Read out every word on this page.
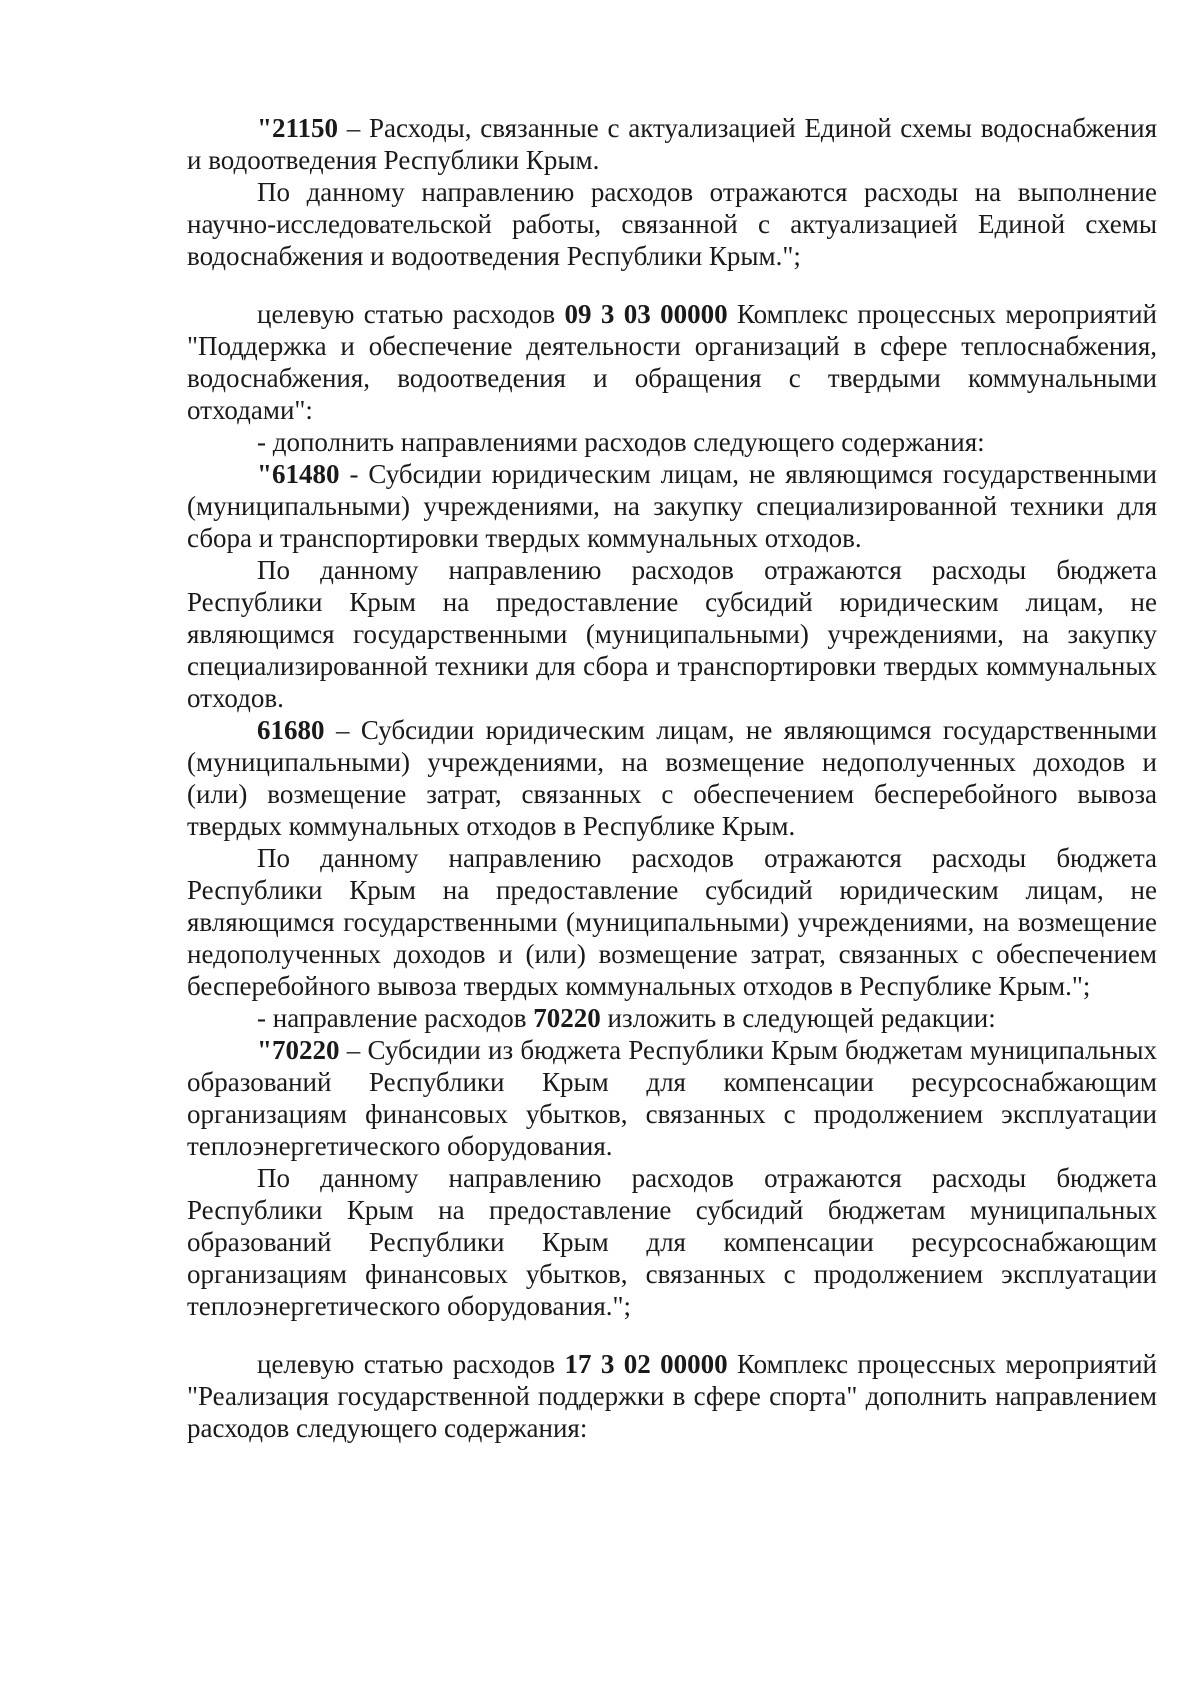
"21150 – Расходы, связанные с актуализацией Единой схемы водоснабжения и водоотведения Республики Крым.

По данному направлению расходов отражаются расходы на выполнение научно-исследовательской работы, связанной с актуализацией Единой схемы водоснабжения и водоотведения Республики Крым.";

целевую статью расходов 09 3 03 00000 Комплекс процессных мероприятий "Поддержка и обеспечение деятельности организаций в сфере теплоснабжения, водоснабжения, водоотведения и обращения с твердыми коммунальными отходами":

- дополнить направлениями расходов следующего содержания:

"61480 - Субсидии юридическим лицам, не являющимся государственными (муниципальными) учреждениями, на закупку специализированной техники для сбора и транспортировки твердых коммунальных отходов.

По данному направлению расходов отражаются расходы бюджета Республики Крым на предоставление субсидий юридическим лицам, не являющимся государственными (муниципальными) учреждениями, на закупку специализированной техники для сбора и транспортировки твердых коммунальных отходов.

61680 – Субсидии юридическим лицам, не являющимся государственными (муниципальными) учреждениями, на возмещение недополученных доходов и (или) возмещение затрат, связанных с обеспечением бесперебойного вывоза твердых коммунальных отходов в Республике Крым.

По данному направлению расходов отражаются расходы бюджета Республики Крым на предоставление субсидий юридическим лицам, не являющимся государственными (муниципальными) учреждениями, на возмещение недополученных доходов и (или) возмещение затрат, связанных с обеспечением бесперебойного вывоза твердых коммунальных отходов в Республике Крым.";

- направление расходов 70220 изложить в следующей редакции:

"70220 – Субсидии из бюджета Республики Крым бюджетам муниципальных образований Республики Крым для компенсации ресурсоснабжающим организациям финансовых убытков, связанных с продолжением эксплуатации теплоэнергетического оборудования.

По данному направлению расходов отражаются расходы бюджета Республики Крым на предоставление субсидий бюджетам муниципальных образований Республики Крым для компенсации ресурсоснабжающим организациям финансовых убытков, связанных с продолжением эксплуатации теплоэнергетического оборудования.";

целевую статью расходов 17 3 02 00000 Комплекс процессных мероприятий "Реализация государственной поддержки в сфере спорта" дополнить направлением расходов следующего содержания:
